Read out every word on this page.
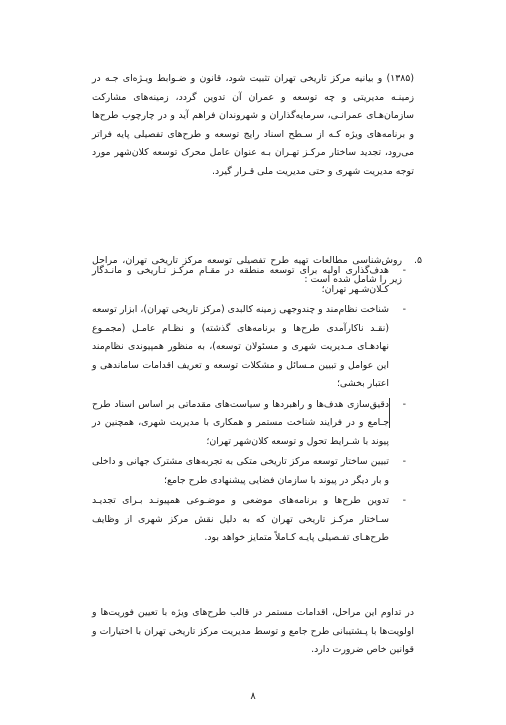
(۱۳۸۵) و بیانیه مرکز تاریخی تهران تثبیت شود، قانون و ضـوابط ویـژه‌ای جـه در زمینـه مدیریتی و چه توسعه و عمران آن تدوین گردد، زمینه‌های مشارکت سازمان‌هـای عمرانـی، سرمایه‌گذاران و شهروندان فراهم آید و در چارچوب طرح‌ها و برنامه‌های ویژه کـه از سـطح اسناد رایج توسعه و طرح‌های تفصیلی پایه فراتر می‌رود، تجدید ساختار مرکـز تهـران بـه عنوان عامل محرک توسعه کلان‌شهر مورد توجه مدیریت شهری و حتی مدیریت ملی قـرار گیرد.

۵.
روش‌شناسی مطالعات تهیه طرح تفصیلی توسعه مرکز تاریخی تهران، مراحل زیر را شامل شده است :
-
هدف‌گذاری اولیه برای توسعه منطقه در مقـام مرکـز تـاریخی و مانـدگار کـلان‌شـهر تهران؛
-
شناخت نظام‌مند و چندوجهی زمینه کالبدی (مرکز تاریخی تهران)، ابزار توسعه (نقـد ناکارآمدی طرح‌ها و برنامه‌های گذشته) و نظـام عامـل (مجمـوع نهادهـای مـدیریت شهری و مسئولان توسعه)، به منظور همپیوندی نظام‌مند این عوامل و تبیین مـسائل و مشکلات توسعه و تعریف اقدامات ساماندهی و اعتبار بخشی؛
-
دقیق‌سازی هدف‌ها و راهبردها و سیاست‌های مقدماتی بر اساس اسناد طرح جـامع و در فرایند شناخت مستمر و همکاری با مدیریت شهری، همچنین در پیوند با شـرایط تحول و توسعه کلان‌شهر تهران؛
-
تبیین ساختار توسعه مرکز تاریخی متکی به تجربه‌های مشترک جهانی و داخلی و بار دیگر در پیوند با سازمان فضایی پیشنهادی طرح جامع؛
-
تدوین طرح‌ها و برنامه‌های موضعی و موضـوعی همپیونـد بـرای تجدیـد سـاختار مرکـز تاریخی تهران که به دلیل نقش مرکز شهری از وظایف طرح‌هـای تفـصیلی پایـه کـاملاً متمایز خواهد بود.

در تداوم این مراحل، اقدامات مستمر در قالب طرح‌های ویژه با تعیین فوریت‌ها و اولویت‌ها با پـشتیبانی طرح جامع و توسط مدیریت مرکز تاریخی تهران با اختیارات و قوانین خاص ضرورت دارد.

۸
